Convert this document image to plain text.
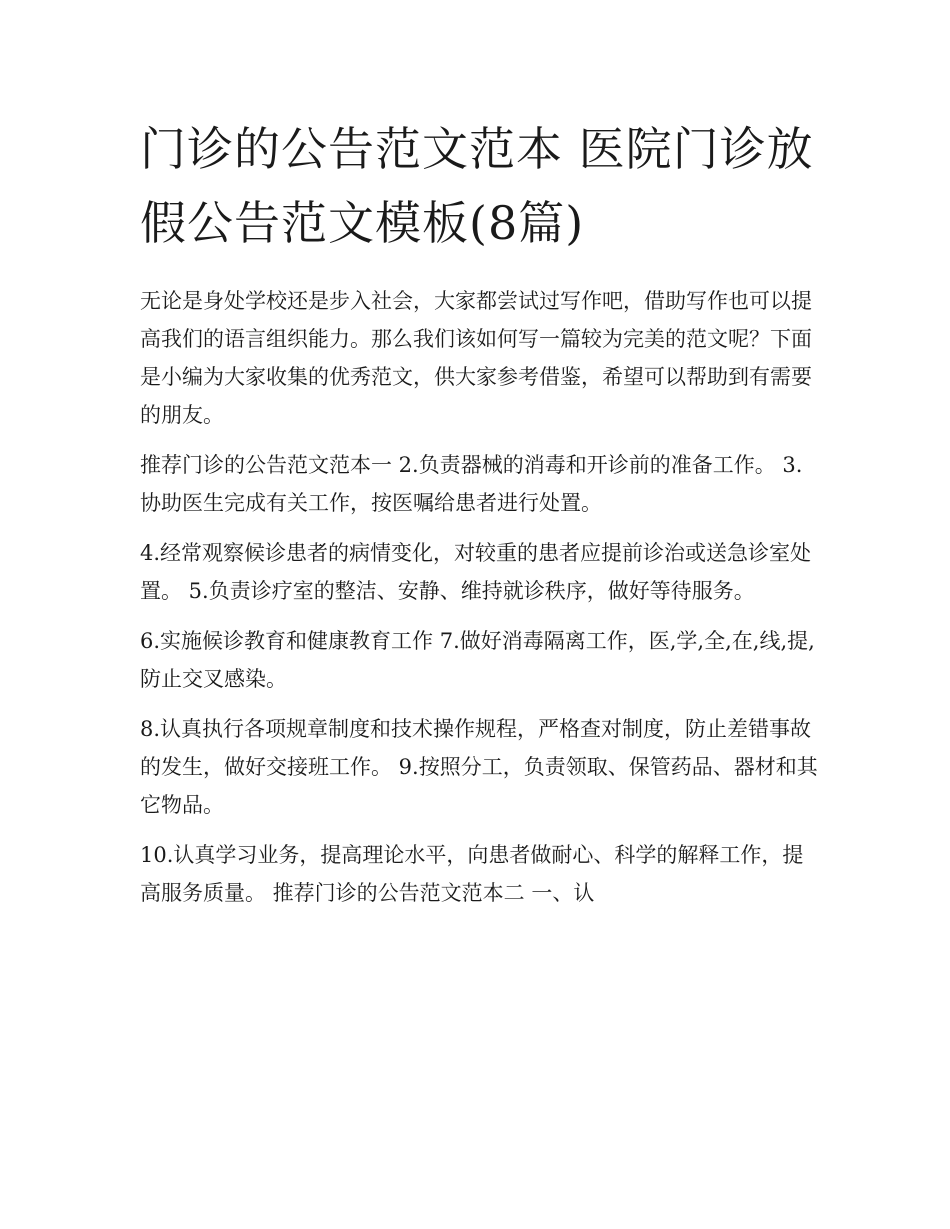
门诊的公告范文范本 医院门诊放假公告范文模板(8篇)

无论是身处学校还是步入社会，大家都尝试过写作吧，借助写作也可以提高我们的语言组织能力。那么我们该如何写一篇较为完美的范文呢？下面是小编为大家收集的优秀范文，供大家参考借鉴，希望可以帮助到有需要的朋友。

推荐门诊的公告范文范本一 2.负责器械的消毒和开诊前的准备工作。 3.协助医生完成有关工作，按医嘱给患者进行处置。

4.经常观察候诊患者的病情变化，对较重的患者应提前诊治或送急诊室处置。 5.负责诊疗室的整洁、安静、维持就诊秩序，做好等待服务。

6.实施候诊教育和健康教育工作 7.做好消毒隔离工作，医,学,全,在,线,提,防止交叉感染。

8.认真执行各项规章制度和技术操作规程，严格查对制度，防止差错事故的发生，做好交接班工作。 9.按照分工，负责领取、保管药品、器材和其它物品。

10.认真学习业务，提高理论水平，向患者做耐心、科学的解释工作，提高服务质量。 推荐门诊的公告范文范本二 一、认
